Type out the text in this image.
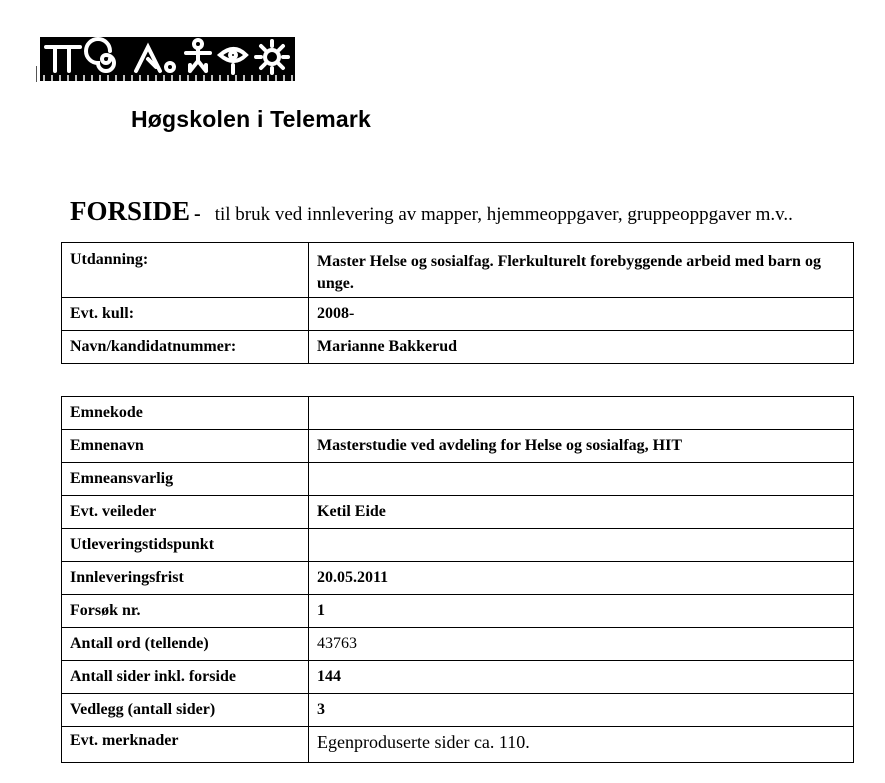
Høgskolen i Telemark
FORSIDE - til bruk ved innlevering av mapper, hjemmeoppgaver, gruppeoppgaver m.v..
Utdanning:	Master Helse og sosialfag. Flerkulturelt forebyggende arbeid med barn og unge.
Evt. kull:	2008-
Navn/kandidatnummer:	Marianne Bakkerud
Emnekode	
Emnenavn	Masterstudie ved avdeling for Helse og sosialfag, HIT
Emneansvarlig	
Evt. veileder	Ketil Eide
Utleveringstidspunkt	
Innleveringsfrist	20.05.2011
Forsøk nr.	1
Antall ord (tellende)	43763
Antall sider inkl. forside	144
Vedlegg (antall sider)	3
Evt. merknader	Egenproduserte sider ca. 110.
